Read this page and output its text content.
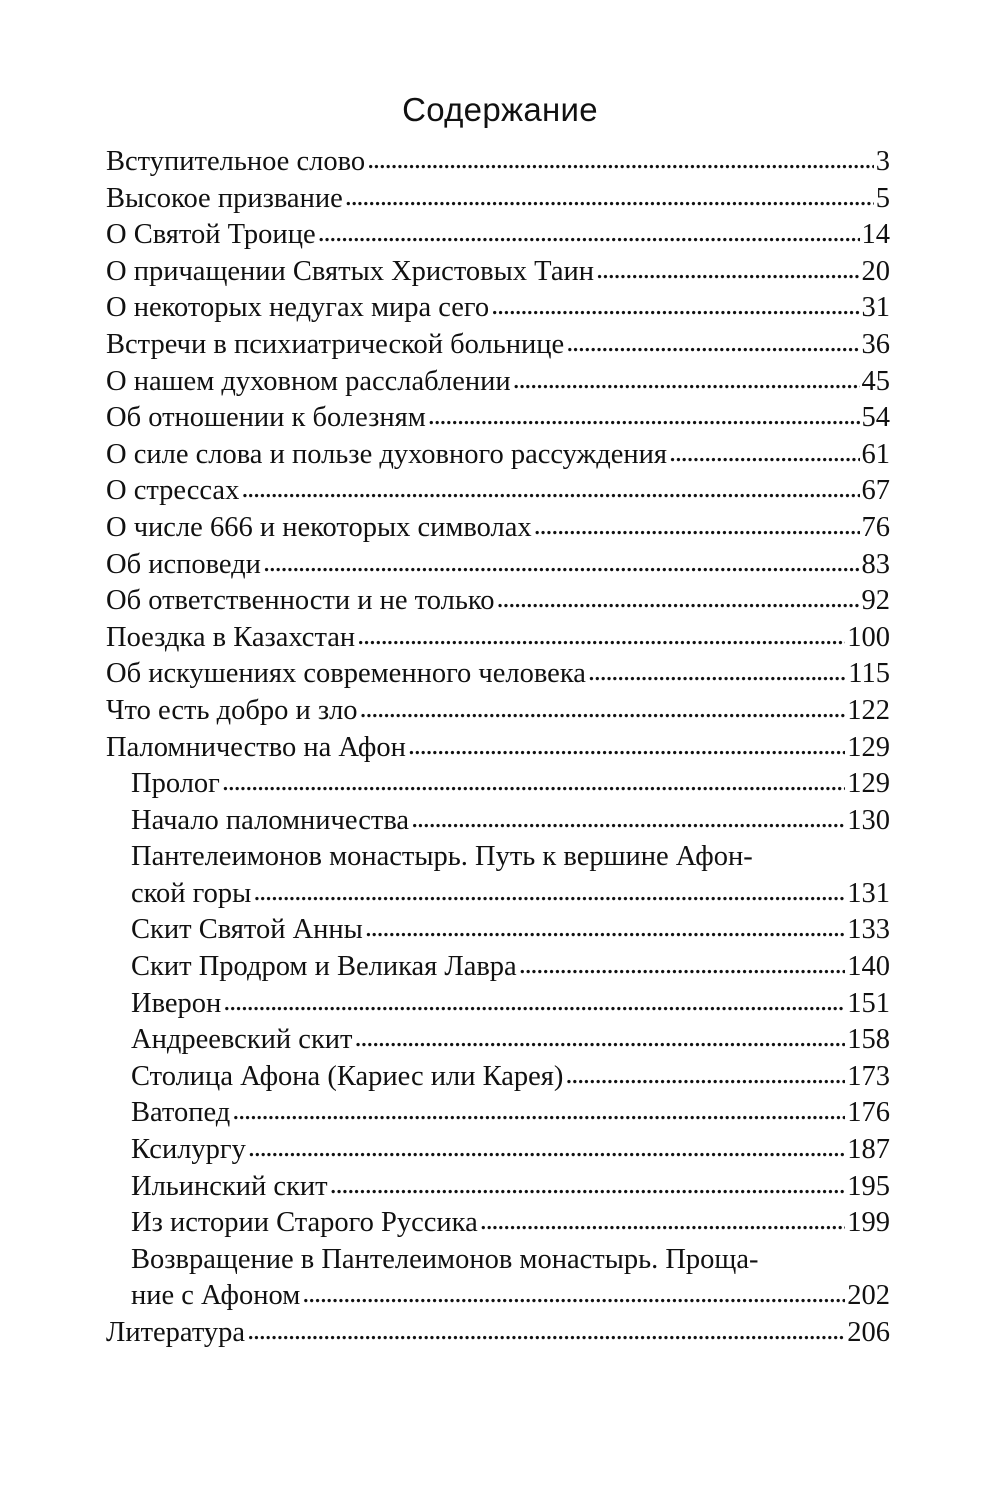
Содержание
Вступительное слово . . .	3
Высокое призвание . . .	5
О Святой Троице . . .	14
О причащении Святых Христовых Таин . . .	20
О некоторых недугах мира сего . . .	31
Встречи в психиатрической больнице . . .	36
О нашем духовном расслаблении . . .	45
Об отношении к болезням . . .	54
О силе слова и пользе духовного рассуждения . . .	61
О стрессах . . .	67
О числе 666 и некоторых символах . . .	76
Об исповеди . . .	83
Об ответственности и не только . . .	92
Поездка в Казахстан . . .	100
Об искушениях современного человека . . .	115
Что есть добро и зло . . .	122
Паломничество на Афон . . .	129
Пролог . . .	129
Начало паломничества . . .	130
Пантелеимонов монастырь. Путь к вершине Афон-
ской горы . . .	131
Скит Святой Анны . . .	133
Скит Продром и Великая Лавра . . .	140
Иверон . . .	151
Андреевский скит . . .	158
Столица Афона (Кариес или Карея) . . .	173
Ватопед . . .	176
Ксилургу . . .	187
Ильинский скит . . .	195
Из истории Старого Руссика . . .	199
Возвращение в Пантелеимонов монастырь. Проща-
ние с Афоном . . .	202
Литература . . .	206
